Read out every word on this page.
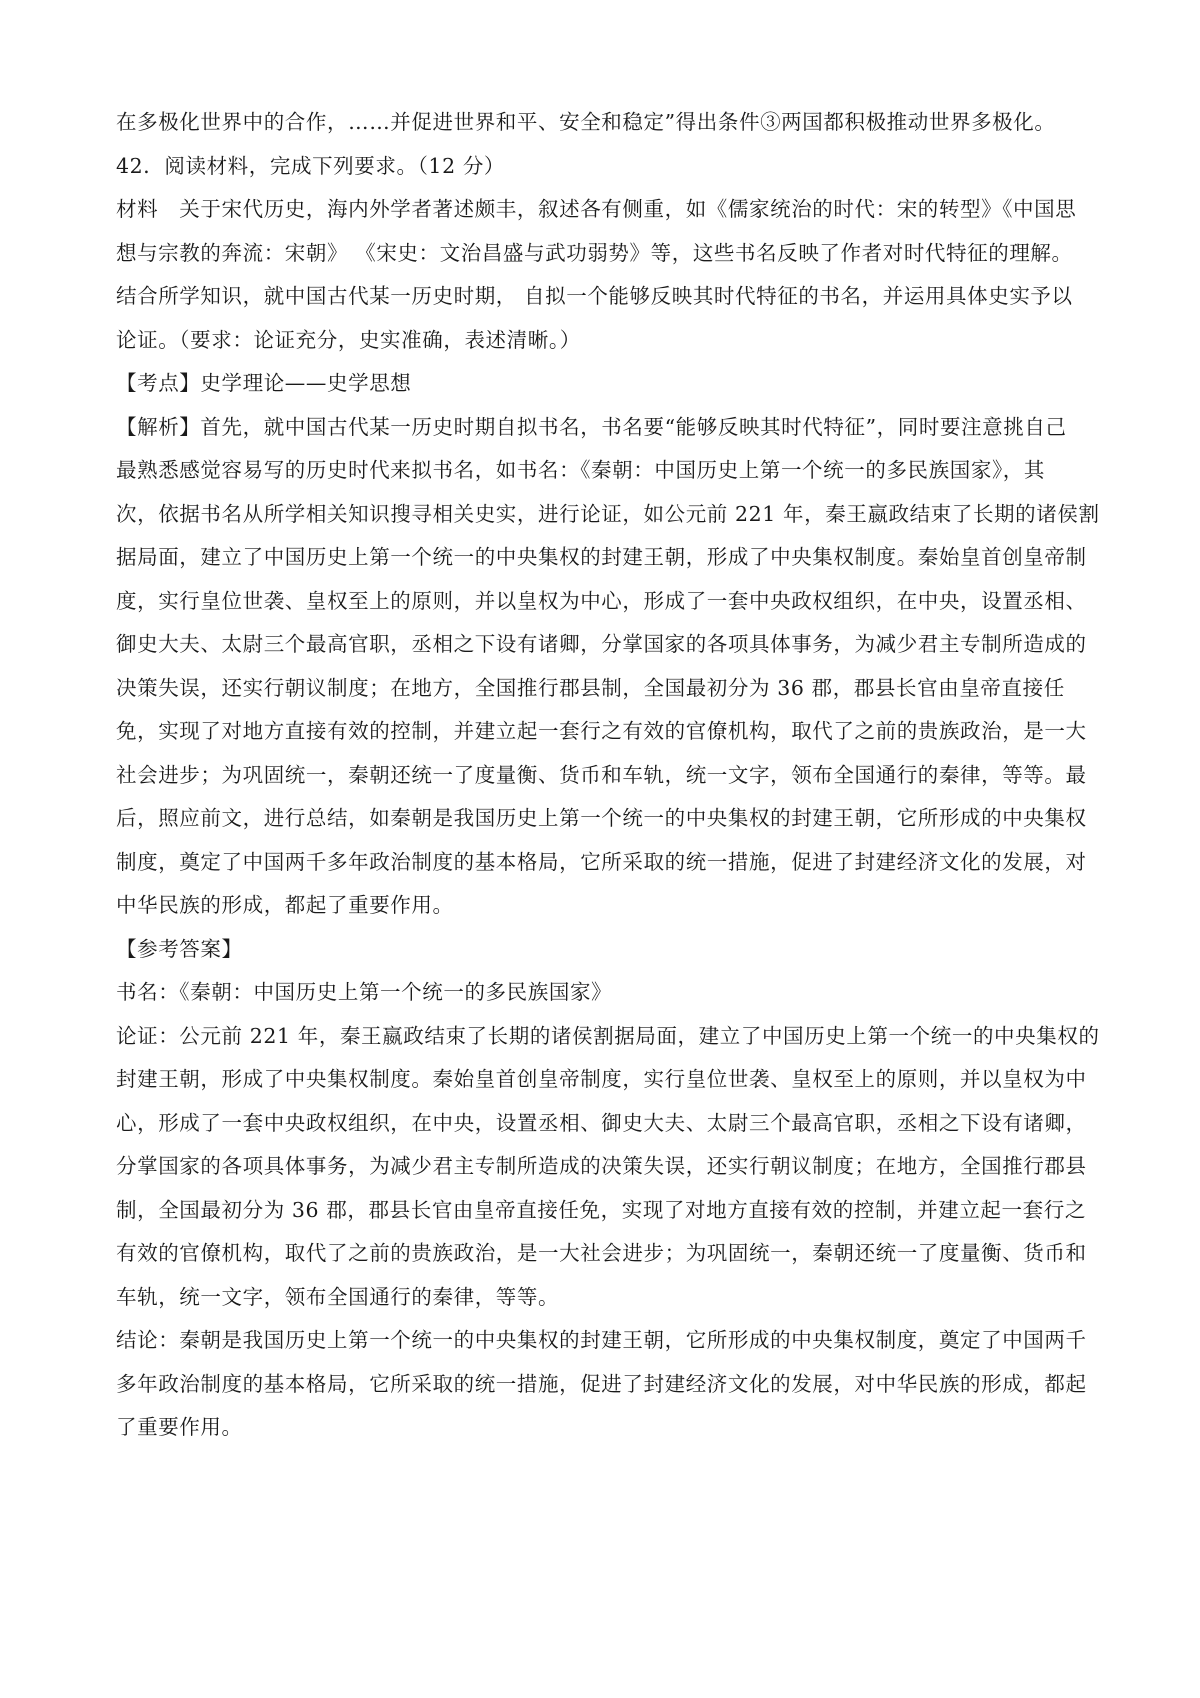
在多极化世界中的合作，……并促进世界和平、安全和稳定”得出条件③两国都积极推动世界多极化。
42．阅读材料，完成下列要求。（12 分）
材料　关于宋代历史，海内外学者著述颇丰，叙述各有侧重，如《儒家统治的时代：宋的转型》《中国思
想与宗教的奔流：宋朝》 《宋史：文治昌盛与武功弱势》等，这些书名反映了作者对时代特征的理解。
结合所学知识，就中国古代某一历史时期， 自拟一个能够反映其时代特征的书名，并运用具体史实予以
论证。（要求：论证充分，史实准确，表述清晰。）
【考点】史学理论——史学思想
【解析】首先，就中国古代某一历史时期自拟书名，书名要“能够反映其时代特征”，同时要注意挑自己
最熟悉感觉容易写的历史时代来拟书名，如书名：《秦朝：中国历史上第一个统一的多民族国家》，其
次，依据书名从所学相关知识搜寻相关史实，进行论证，如公元前 221 年，秦王嬴政结束了长期的诸侯割
据局面，建立了中国历史上第一个统一的中央集权的封建王朝，形成了中央集权制度。秦始皇首创皇帝制
度，实行皇位世袭、皇权至上的原则，并以皇权为中心，形成了一套中央政权组织，在中央，设置丞相、
御史大夫、太尉三个最高官职，丞相之下设有诸卿，分掌国家的各项具体事务，为减少君主专制所造成的
决策失误，还实行朝议制度；在地方，全国推行郡县制，全国最初分为 36 郡，郡县长官由皇帝直接任
免，实现了对地方直接有效的控制，并建立起一套行之有效的官僚机构，取代了之前的贵族政治，是一大
社会进步；为巩固统一，秦朝还统一了度量衡、货币和车轨，统一文字，领布全国通行的秦律，等等。最
后，照应前文，进行总结，如秦朝是我国历史上第一个统一的中央集权的封建王朝，它所形成的中央集权
制度，奠定了中国两千多年政治制度的基本格局，它所采取的统一措施，促进了封建经济文化的发展，对
中华民族的形成，都起了重要作用。
【参考答案】
书名：《秦朝：中国历史上第一个统一的多民族国家》
论证：公元前 221 年，秦王嬴政结束了长期的诸侯割据局面，建立了中国历史上第一个统一的中央集权的
封建王朝，形成了中央集权制度。秦始皇首创皇帝制度，实行皇位世袭、皇权至上的原则，并以皇权为中
心，形成了一套中央政权组织，在中央，设置丞相、御史大夫、太尉三个最高官职，丞相之下设有诸卿，
分掌国家的各项具体事务，为减少君主专制所造成的决策失误，还实行朝议制度；在地方，全国推行郡县
制，全国最初分为 36 郡，郡县长官由皇帝直接任免，实现了对地方直接有效的控制，并建立起一套行之
有效的官僚机构，取代了之前的贵族政治，是一大社会进步；为巩固统一，秦朝还统一了度量衡、货币和
车轨，统一文字，领布全国通行的秦律，等等。
结论：秦朝是我国历史上第一个统一的中央集权的封建王朝，它所形成的中央集权制度，奠定了中国两千
多年政治制度的基本格局，它所采取的统一措施，促进了封建经济文化的发展，对中华民族的形成，都起
了重要作用。
